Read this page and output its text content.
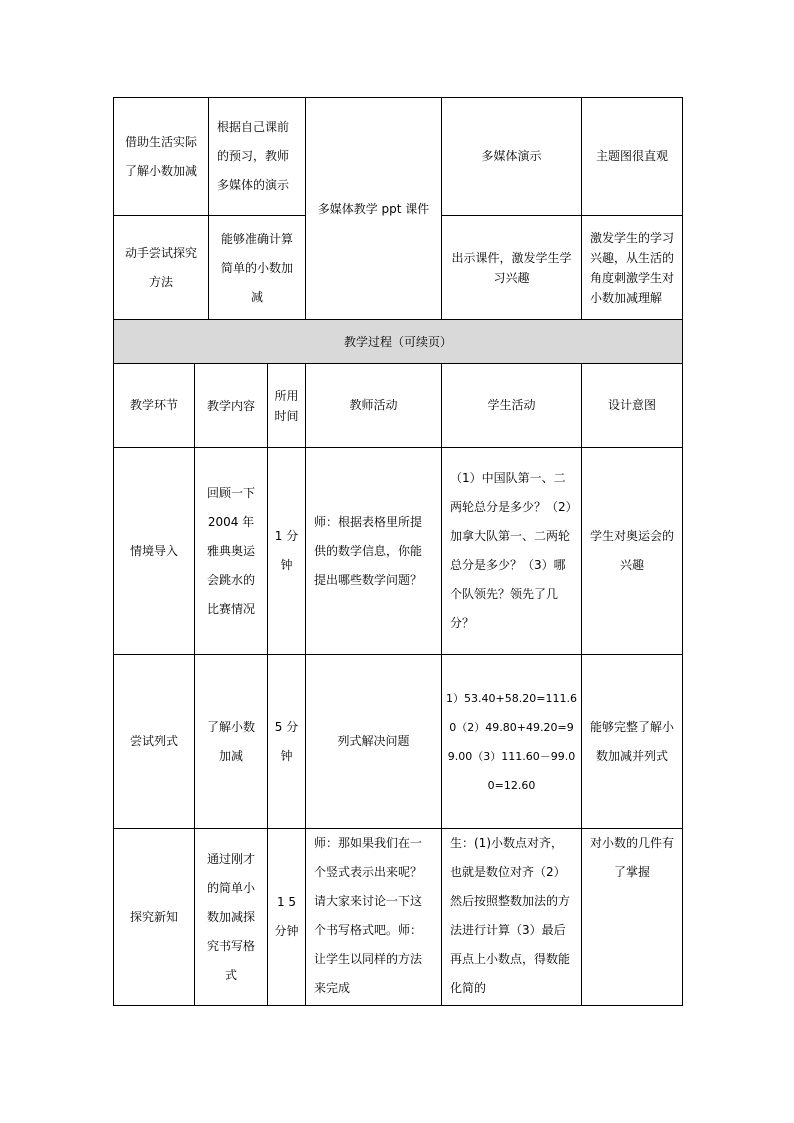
借助生活实际了解小数加减	根据自己课前的预习，教师多媒体的演示	多媒体教学 ppt 课件	多媒体演示	主题图很直观
动手尝试探究方法	能够准确计算简单的小数加减		出示课件，激发学生学习兴趣	激发学生的学习兴趣，从生活的角度刺激学生对小数加减理解
教学过程（可续页）					
教学环节	教学内容	所用时间	教师活动	学生活动	设计意图
情境导入	回顾一下 2004 年雅典奥运会跳水的比赛情况	1 分钟	师：根据表格里所提供的数学信息，你能提出哪些数学问题？	（1）中国队第一、二两轮总分是多少？（2）加拿大队第一、二两轮总分是多少？（3）哪个队领先？领先了几分？	学生对奥运会的兴趣
尝试列式	了解小数加减	5 分钟	列式解决问题	1）53.40+58.20=111.60（2）49.80+49.20=99.00（3）111.60－99.00=12.60	能够完整了解小数加减并列式
探究新知	通过刚才的简单小数加减探究书写格式	1 5 分钟	师：那如果我们在一个竖式表示出来呢？请大家来讨论一下这个书写格式吧。师：让学生以同样的方法来完成	生：(1)小数点对齐，也就是数位对齐（2）然后按照整数加法的方法进行计算（3）最后再点上小数点，得数能化简的	对小数的几件有了掌握
